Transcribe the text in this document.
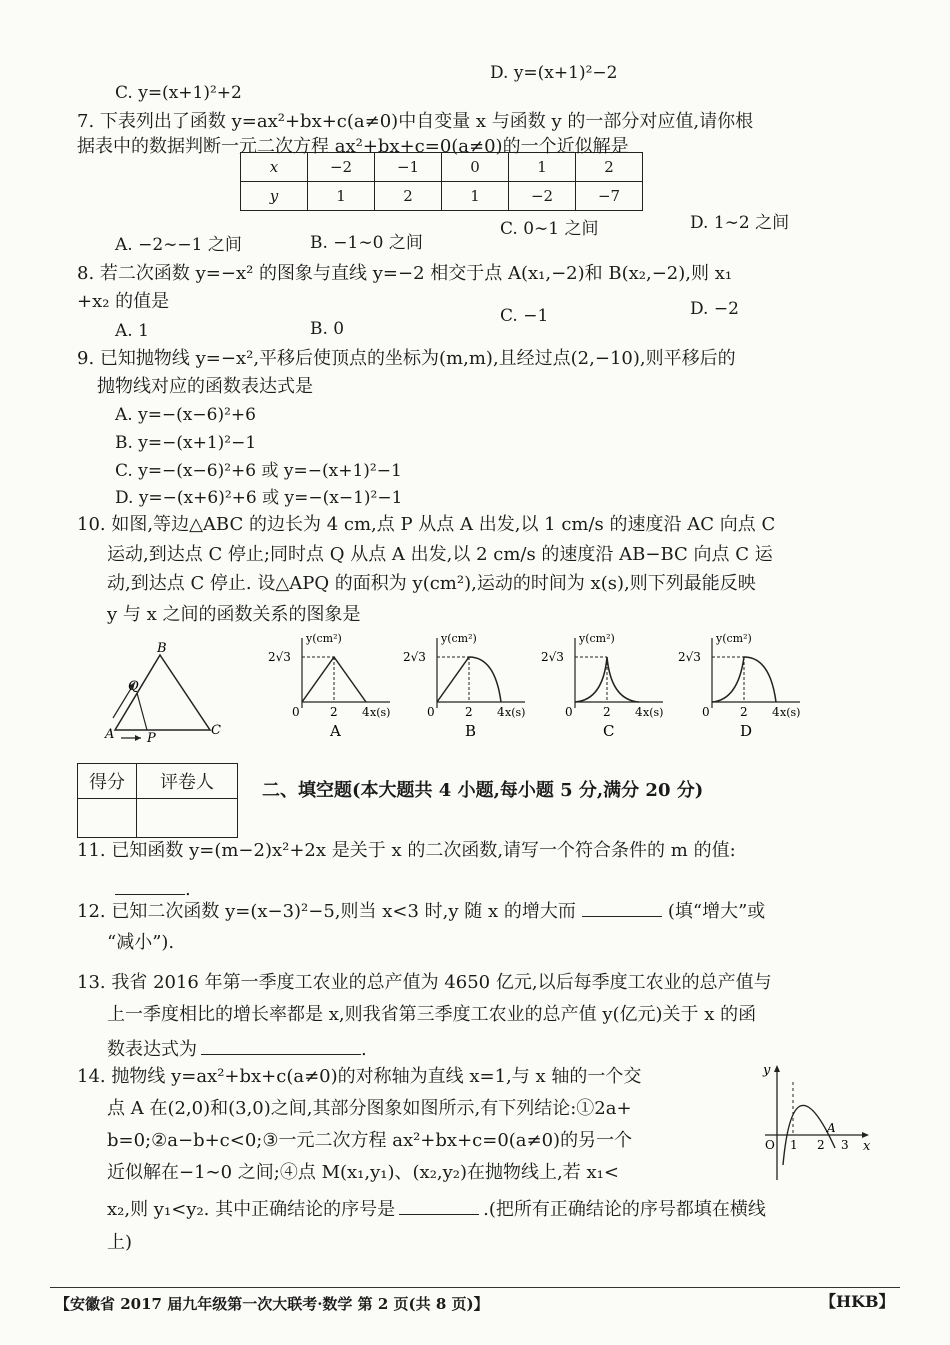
D. y=(x+1)²−2
C. y=(x+1)²+2
7. 下表列出了函数 y=ax²+bx+c(a≠0)中自变量 x 与函数 y 的一部分对应值,请你根
据表中的数据判断一元二次方程 ax²+bx+c=0(a≠0)的一个近似解是
x	−2	−1	0	1	2
y	1	2	1	−2	−7
A. −2∼−1 之间	B. −1∼0 之间
C. 0∼1 之间	D. 1∼2 之间
8. 若二次函数 y=−x² 的图象与直线 y=−2 相交于点 A(x₁,−2)和 B(x₂,−2),则 x₁
+x₂ 的值是
A. 1	B. 0
C. −1	D. −2
9. 已知抛物线 y=−x²,平移后使顶点的坐标为(m,m),且经过点(2,−10),则平移后的
抛物线对应的函数表达式是
A. y=−(x−6)²+6
B. y=−(x+1)²−1
C. y=−(x−6)²+6 或 y=−(x+1)²−1
D. y=−(x+6)²+6 或 y=−(x−1)²−1
10. 如图,等边△ABC 的边长为 4 cm,点 P 从点 A 出发,以 1 cm/s 的速度沿 AC 向点 C
运动,到达点 C 停止;同时点 Q 从点 A 出发,以 2 cm/s 的速度沿 AB−BC 向点 C 运
动,到达点 C 停止. 设△APQ 的面积为 y(cm²),运动的时间为 x(s),则下列最能反映
y 与 x 之间的函数关系的图象是
A
B
C
P
Q
2√3
y(cm²)
0	2 4 x(s)
A
2√3
y(cm²)
0	2 4 x(s)
B
2√3
y(cm²)
0	2 4 x(s)
C
2√3
y(cm²)
0	2 4 x(s)
D
得分	评卷人
		二、填空题(本大题共 4 小题,每小题 5 分,满分 20 分)
11. 已知函数 y=(m−2)x²+2x 是关于 x 的二次函数,请写一个符合条件的 m 的值:
.
12. 已知二次函数 y=(x−3)²−5,则当 x<3 时,y 随 x 的增大而	(填“增大”或
“减小”).
13. 我省 2016 年第一季度工农业的总产值为 4650 亿元,以后每季度工农业的总产值与
上一季度相比的增长率都是 x,则我省第三季度工农业的总产值 y(亿元)关于 x 的函
数表达式为	.
14. 抛物线 y=ax²+bx+c(a≠0)的对称轴为直线 x=1,与 x 轴的一个交
点 A 在(2,0)和(3,0)之间,其部分图象如图所示,有下列结论:①2a+
b=0;②a−b+c<0;③一元二次方程 ax²+bx+c=0(a≠0)的另一个
近似解在−1∼0 之间;④点 M(x₁,y₁)、(x₂,y₂)在抛物线上,若 x₁<
x₂,则 y₁<y₂. 其中正确结论的序号是	.(把所有正确结论的序号都填在横线
上)
y
x
O 1 2 3
A
【安徽省 2017 届九年级第一次大联考·数学 第 2 页(共 8 页)】	【HKB】
